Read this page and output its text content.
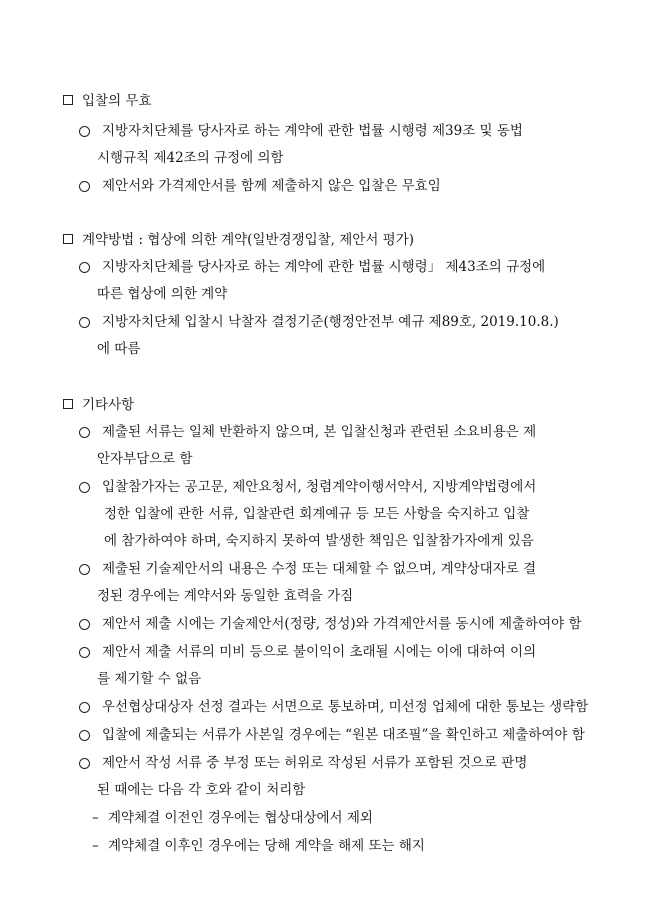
입찰의 무효
지방자치단체를 당사자로 하는 계약에 관한 법률 시행령 제39조 및 동법
시행규칙 제42조의 규정에 의함
제안서와 가격제안서를 함께 제출하지 않은 입찰은 무효임
계약방법 : 협상에 의한 계약(일반경쟁입찰, 제안서 평가)
지방자치단체를 당사자로 하는 계약에 관한 법률 시행령」 제43조의 규정에
따른 협상에 의한 계약
지방자치단체 입찰시 낙찰자 결정기준(행정안전부 예규 제89호, 2019.10.8.)
에 따름
기타사항
제출된 서류는 일체 반환하지 않으며, 본 입찰신청과 관련된 소요비용은 제
안자부담으로 함
입찰참가자는 공고문, 제안요청서, 청렴계약이행서약서, 지방계약법령에서
정한 입찰에 관한 서류, 입찰관련 회계예규 등 모든 사항을 숙지하고 입찰
에 참가하여야 하며, 숙지하지 못하여 발생한 책임은 입찰참가자에게 있음
제출된 기술제안서의 내용은 수정 또는 대체할 수 없으며, 계약상대자로 결
정된 경우에는 계약서와 동일한 효력을 가짐
제안서 제출 시에는 기술제안서(정량, 정성)와 가격제안서를 동시에 제출하여야 함
제안서 제출 서류의 미비 등으로 불이익이 초래될 시에는 이에 대하여 이의
를 제기할 수 없음
우선협상대상자 선정 결과는 서면으로 통보하며, 미선정 업체에 대한 통보는 생략함
입찰에 제출되는 서류가 사본일 경우에는 “원본 대조필”을 확인하고 제출하여야 함
제안서 작성 서류 중 부정 또는 허위로 작성된 서류가 포함된 것으로 판명
된 때에는 다음 각 호와 같이 처리함
– 계약체결 이전인 경우에는 협상대상에서 제외
– 계약체결 이후인 경우에는 당해 계약을 해제 또는 해지
